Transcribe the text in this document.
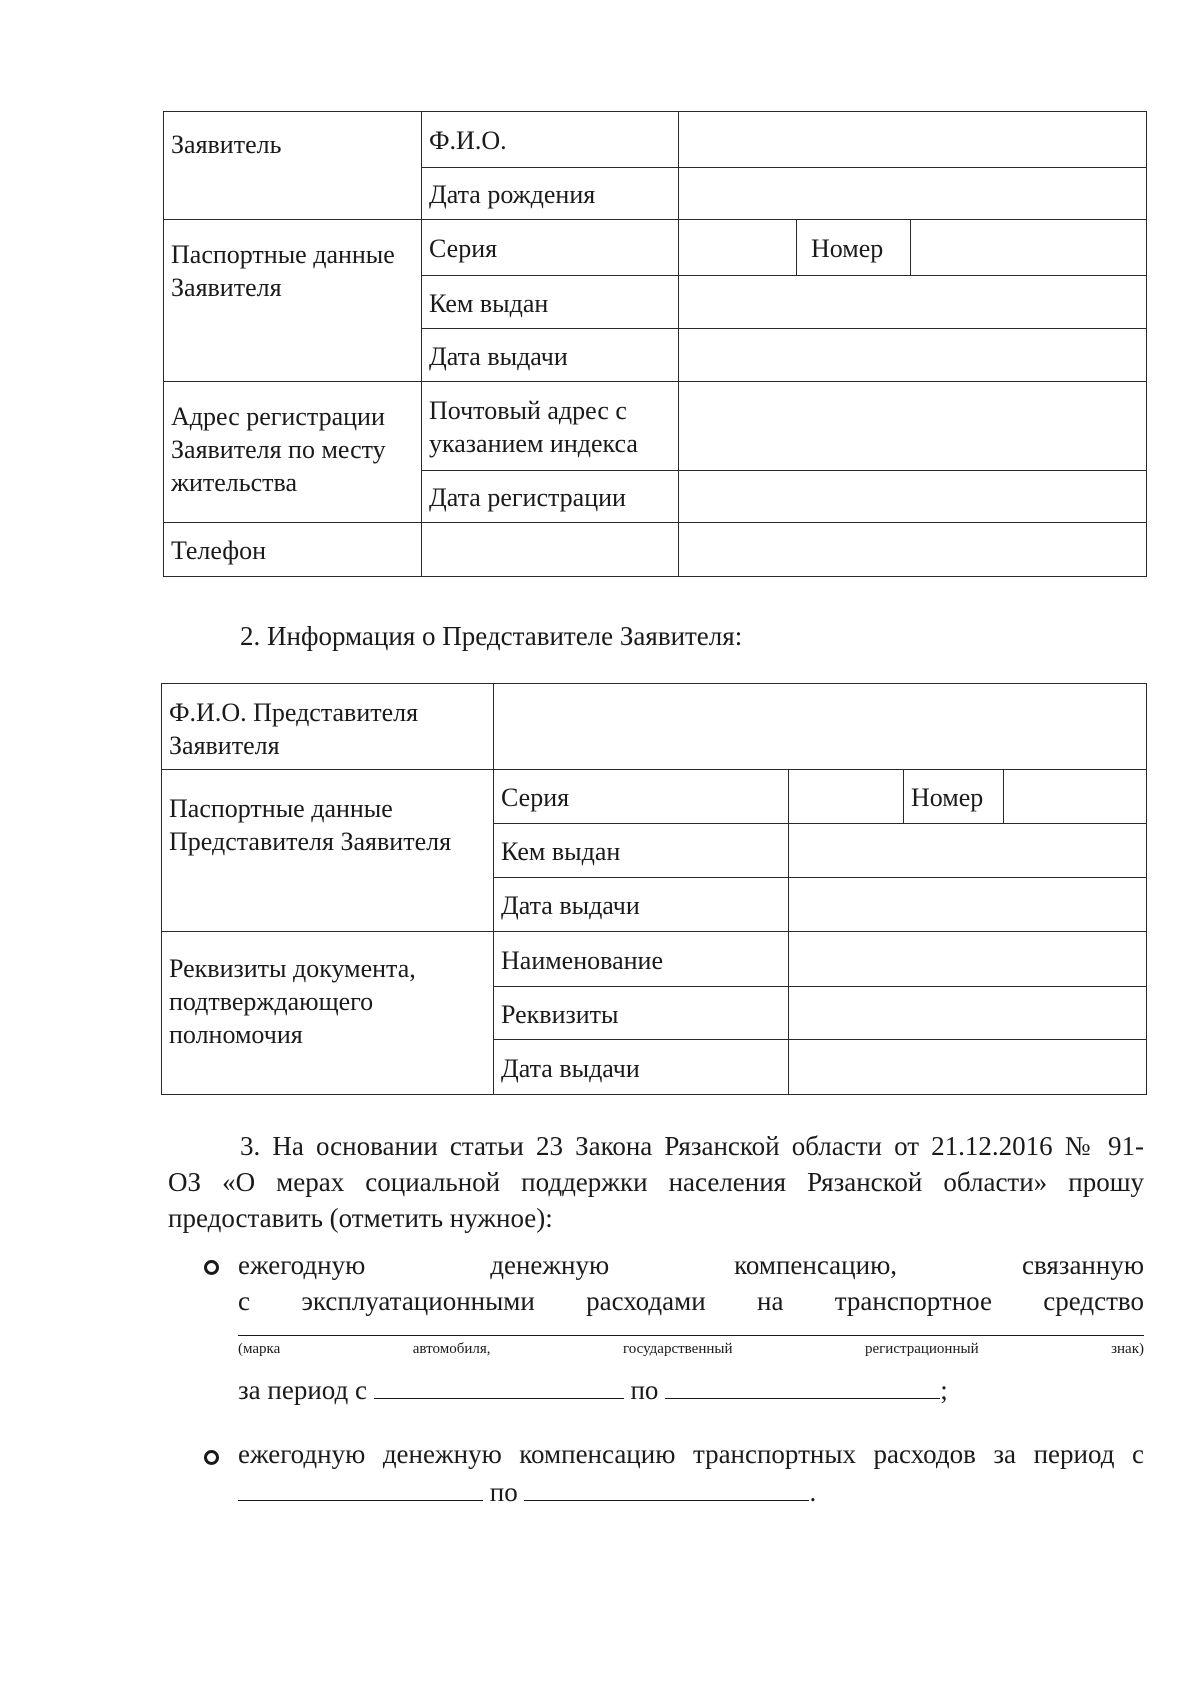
Заявитель	Ф.И.О.			
	Дата рождения			
Паспортные данные Заявителя	Серия		Номер	
	Кем выдан			
	Дата выдачи			
Адрес регистрации Заявителя по месту жительства	Почтовый адрес с указанием индекса			
	Дата регистрации			
Телефон				
2. Информация о Представителе Заявителя:
Ф.И.О. Представителя Заявителя				
Паспортные данные Представителя Заявителя	Серия		Номер	
	Кем выдан			
	Дата выдачи			
Реквизиты документа, подтверждающего полномочия	Наименование			
	Реквизиты			
	Дата выдачи			
3. На основании статьи 23 Закона Рязанской области от 21.12.2016 № 91-
ОЗ «О мерах социальной поддержки населения Рязанской области» прошу
предоставить (отметить нужное):
ежегодную денежную компенсацию, связанную
с эксплуатационными расходами на транспортное средство
(марка автомобиля, государственный регистрационный знак)
за период с	по	;
ежегодную денежную компенсацию транспортных расходов за период с
по	.
